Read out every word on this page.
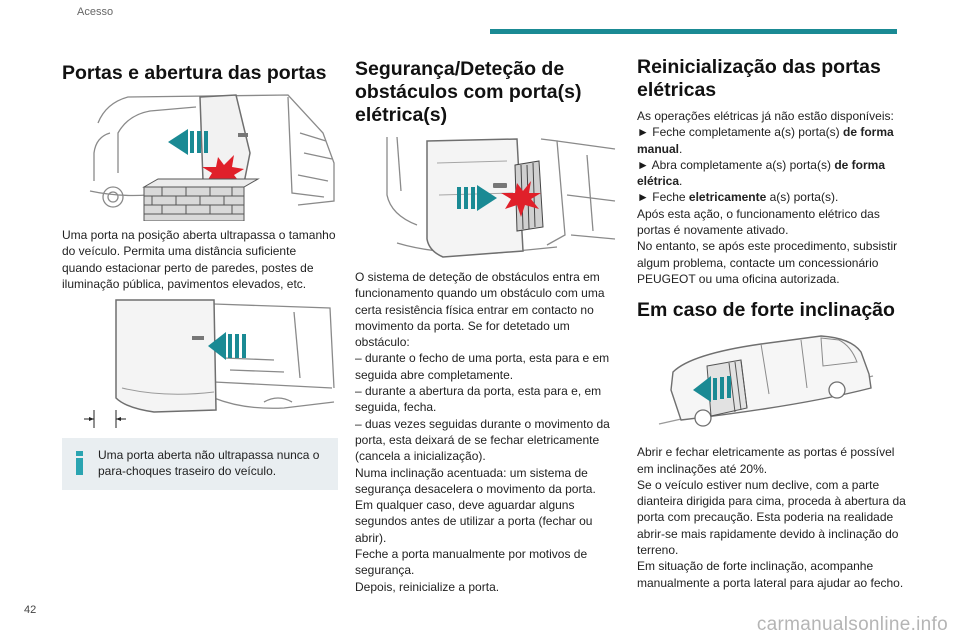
Acesso
Portas e abertura das portas

Uma porta na posição aberta ultrapassa o tamanho do veículo. Permita uma distância suficiente quando estacionar perto de paredes, postes de iluminação pública, pavimentos elevados, etc.

Uma porta aberta não ultrapassa nunca o para-choques traseiro do veículo.

Segurança/Deteção de obstáculos com porta(s) elétrica(s)

O sistema de deteção de obstáculos entra em funcionamento quando um obstáculo com uma certa resistência física entrar em contacto no movimento da porta. Se for detetado um obstáculo:

– durante o fecho de uma porta, esta para e em seguida abre completamente.

– durante a abertura da porta, esta para e, em seguida, fecha.

– duas vezes seguidas durante o movimento da porta, esta deixará de se fechar eletricamente (cancela a inicialização).

Numa inclinação acentuada: um sistema de segurança desacelera o movimento da porta.

Em qualquer caso, deve aguardar alguns segundos antes de utilizar a porta (fechar ou abrir).

Feche a porta manualmente por motivos de segurança.

Depois, reinicialize a porta.

Reinicialização das portas elétricas

As operações elétricas já não estão disponíveis:

► Feche completamente a(s) porta(s) de forma manual.

► Abra completamente a(s) porta(s) de forma elétrica.

► Feche eletricamente a(s) porta(s).

Após esta ação, o funcionamento elétrico das portas é novamente ativado.

No entanto, se após este procedimento, subsistir algum problema, contacte um concessionário PEUGEOT ou uma oficina autorizada.

Em caso de forte inclinação

Abrir e fechar eletricamente as portas é possível em inclinações até 20%.

Se o veículo estiver num declive, com a parte dianteira dirigida para cima, proceda à abertura da porta com precaução. Esta poderia na realidade abrir-se mais rapidamente devido à inclinação do terreno.

Em situação de forte inclinação, acompanhe manualmente a porta lateral para ajudar ao fecho.

42
carmanualsonline.info
